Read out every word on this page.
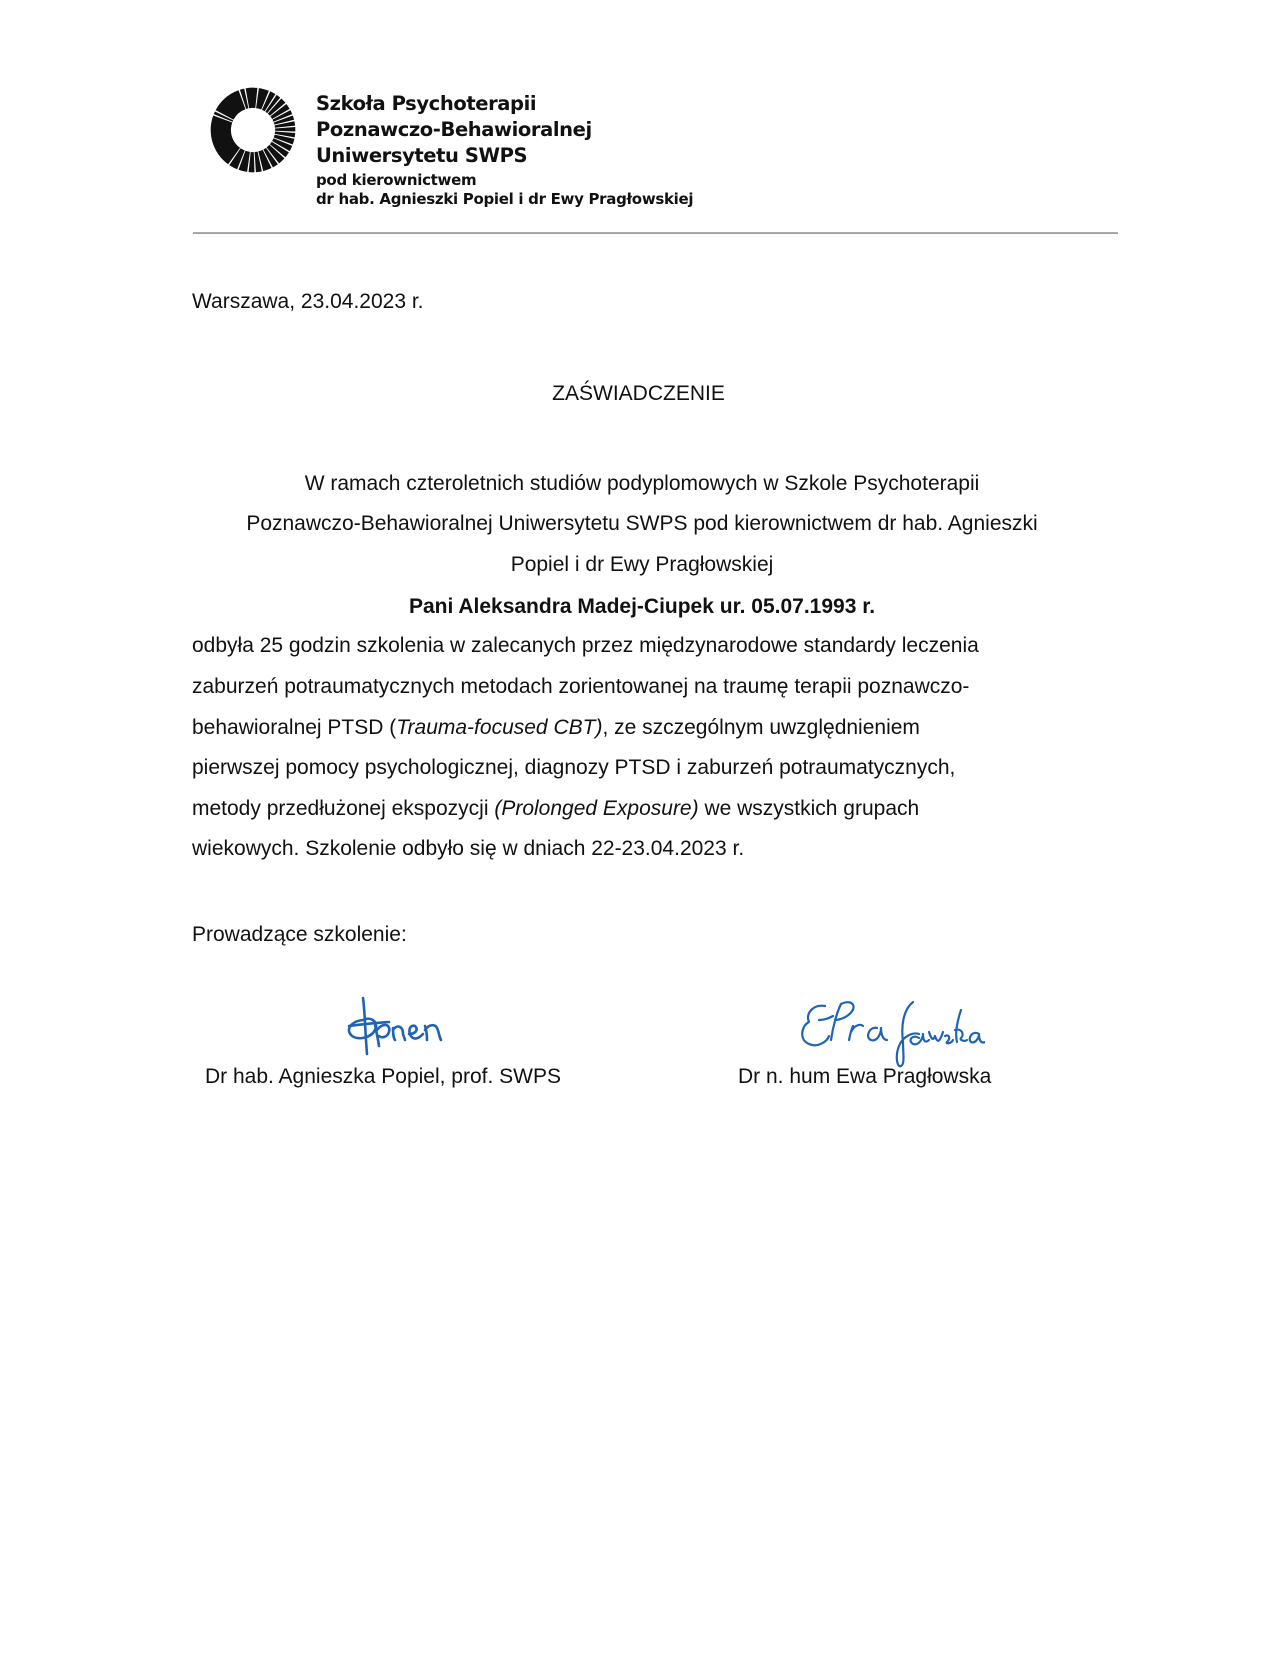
Szkoła Psychoterapii
Poznawczo-Behawioralnej
Uniwersytetu SWPS
pod kierownictwem
dr hab. Agnieszki Popiel i dr Ewy Pragłowskiej
Warszawa, 23.04.2023 r.
ZAŚWIADCZENIE
W ramach czteroletnich studiów podyplomowych w Szkole Psychoterapii
Poznawczo-Behawioralnej Uniwersytetu SWPS pod kierownictwem dr hab. Agnieszki
Popiel i dr Ewy Pragłowskiej
Pani Aleksandra Madej-Ciupek ur. 05.07.1993 r.
odbyła 25 godzin szkolenia w zalecanych przez międzynarodowe standardy leczenia
zaburzeń potraumatycznych metodach zorientowanej na traumę terapii poznawczo-
behawioralnej PTSD (Trauma-focused CBT), ze szczególnym uwzględnieniem
pierwszej pomocy psychologicznej, diagnozy PTSD i zaburzeń potraumatycznych,
metody przedłużonej ekspozycji (Prolonged Exposure) we wszystkich grupach
wiekowych. Szkolenie odbyło się w dniach 22-23.04.2023 r.
Prowadzące szkolenie:
Dr hab. Agnieszka Popiel, prof. SWPS	Dr n. hum Ewa Pragłowska
